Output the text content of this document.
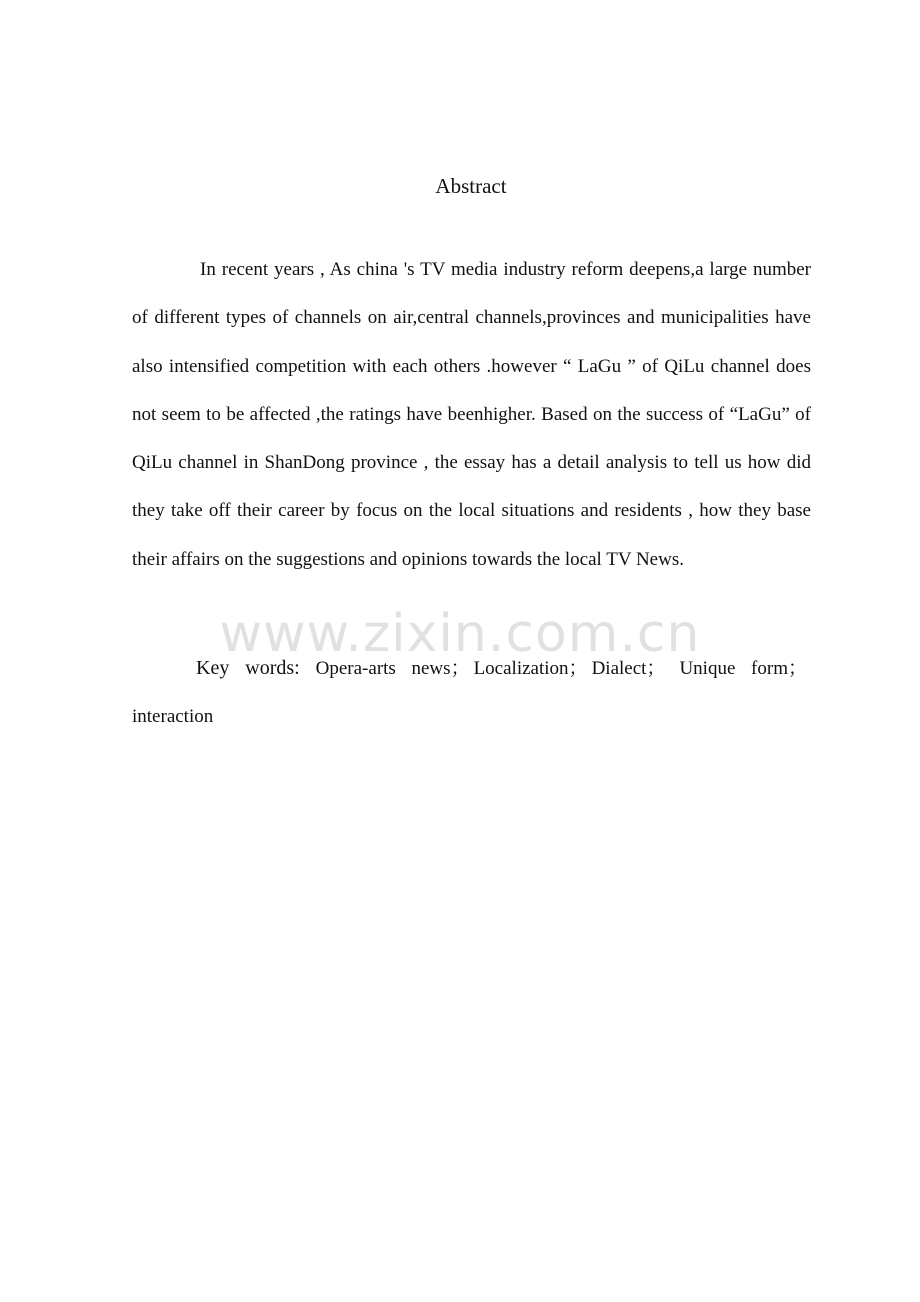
Abstract

In recent years , As china 's TV media industry reform deepens,a large number of different types of channels on air,central channels,provinces and municipalities have also intensified competition with each others .however “ LaGu ” of QiLu channel does not seem to be affected ,the ratings have beenhigher. Based on the success of “LaGu” of QiLu channel in ShanDong province , the essay has a detail analysis to tell us how did they take off their career by focus on the local situations and residents , how they base their affairs on the suggestions and opinions towards the local TV News.

www.zixin.com.cn

Key words: Opera-arts news； Localization； Dialect； Unique form； interaction
